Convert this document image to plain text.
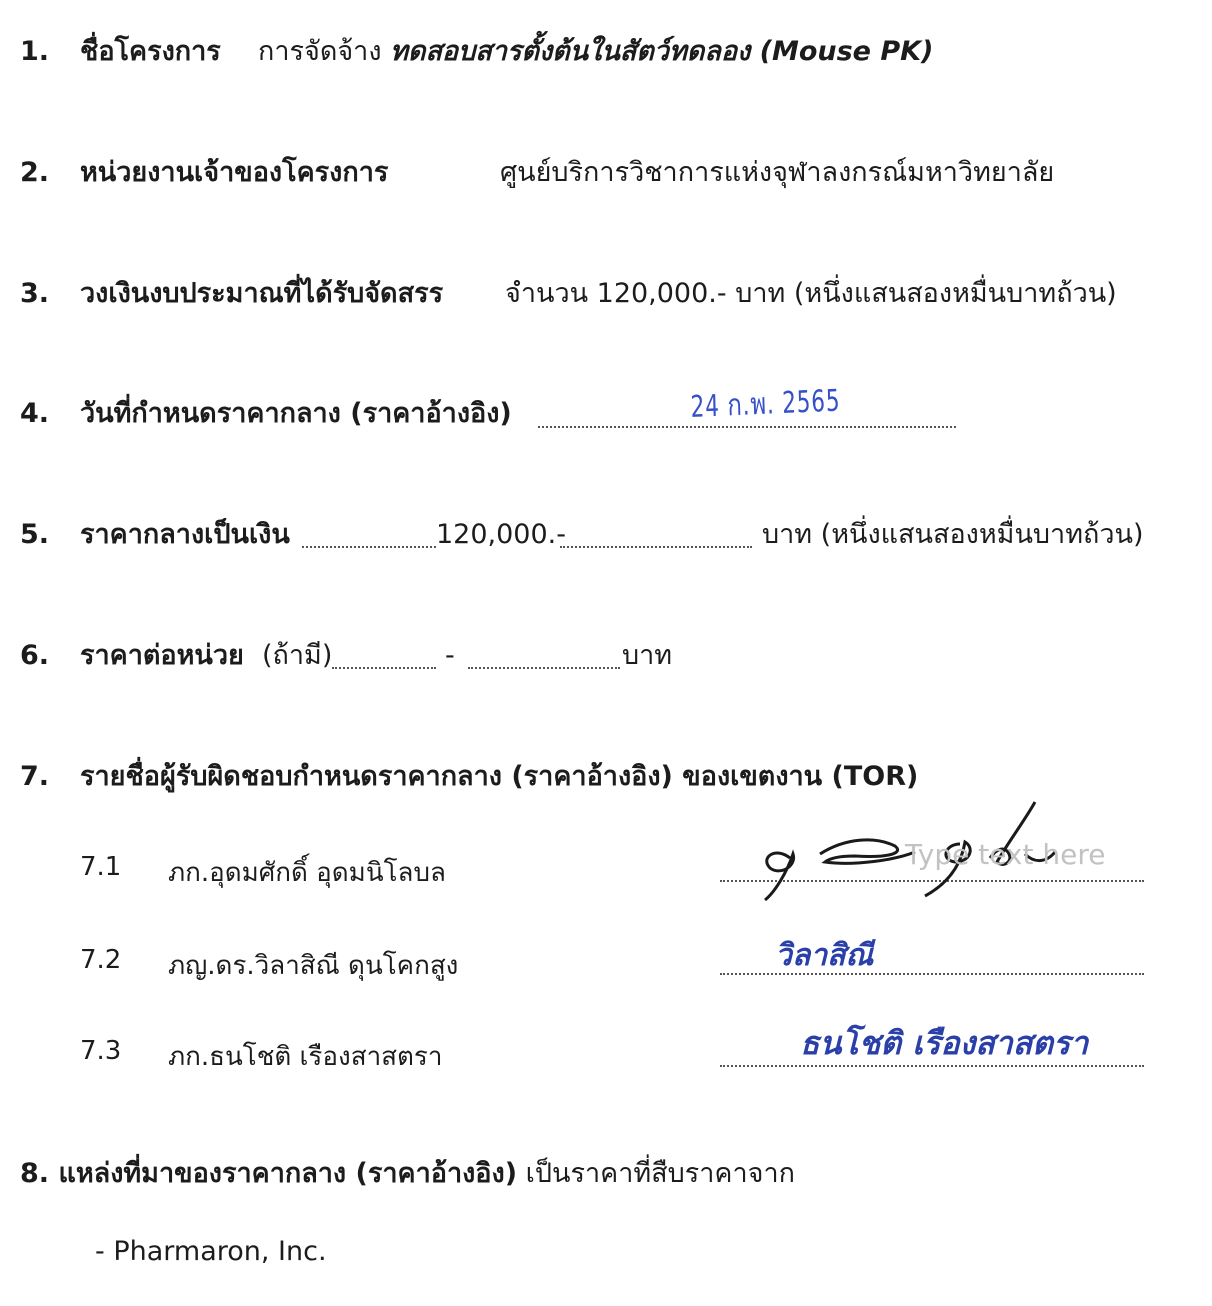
1. ชื่อโครงการ การจัดจ้าง ทดสอบสารตั้งต้นในสัตว์ทดลอง (Mouse PK)
2. หน่วยงานเจ้าของโครงการ	ศูนย์บริการวิชาการแห่งจุฬาลงกรณ์มหาวิทยาลัย
3. วงเงินงบประมาณที่ได้รับจัดสรร จำนวน 120,000.- บาท (หนึ่งแสนสองหมื่นบาทถ้วน)
4. วันที่กำหนดราคากลาง (ราคาอ้างอิง)	24 ก.พ. 2565
5. ราคากลางเป็นเงิน	120,000.-	บาท (หนึ่งแสนสองหมื่นบาทถ้วน)
6. ราคาต่อหน่วย (ถ้ามี)	-	บาท
7. รายชื่อผู้รับผิดชอบกำหนดราคากลาง (ราคาอ้างอิง) ของเขตงาน (TOR)
7.1 ภก.อุดมศักดิ์ อุดมนิโลบล
Type text here
7.2 ภญ.ดร.วิลาสิณี ดุนโคกสูง	วิลาสิณี
7.3 ภก.ธนโชติ เรืองสาสตรา	ธนโชติ เรืองสาสตรา
8. แหล่งที่มาของราคากลาง (ราคาอ้างอิง) เป็นราคาที่สืบราคาจาก
- Pharmaron, Inc.
